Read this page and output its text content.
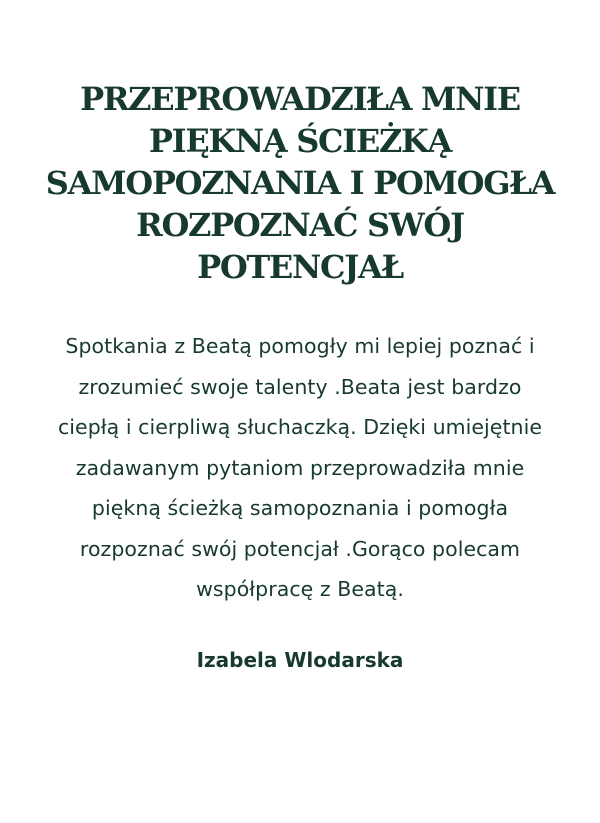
PRZEPROWADZIŁA MNIE PIĘKNĄ ŚCIEŻKĄ SAMOPOZNANIA I POMOGŁA ROZPOZNAĆ SWÓJ POTENCJAŁ

Spotkania z Beatą pomogły mi lepiej poznać i zrozumieć swoje talenty .Beata jest bardzo ciepłą i cierpliwą słuchaczką. Dzięki umiejętnie zadawanym pytaniom przeprowadziła mnie piękną ścieżką samopoznania i pomogła rozpoznać swój potencjał .Gorąco polecam współpracę z Beatą.

Izabela Wlodarska
